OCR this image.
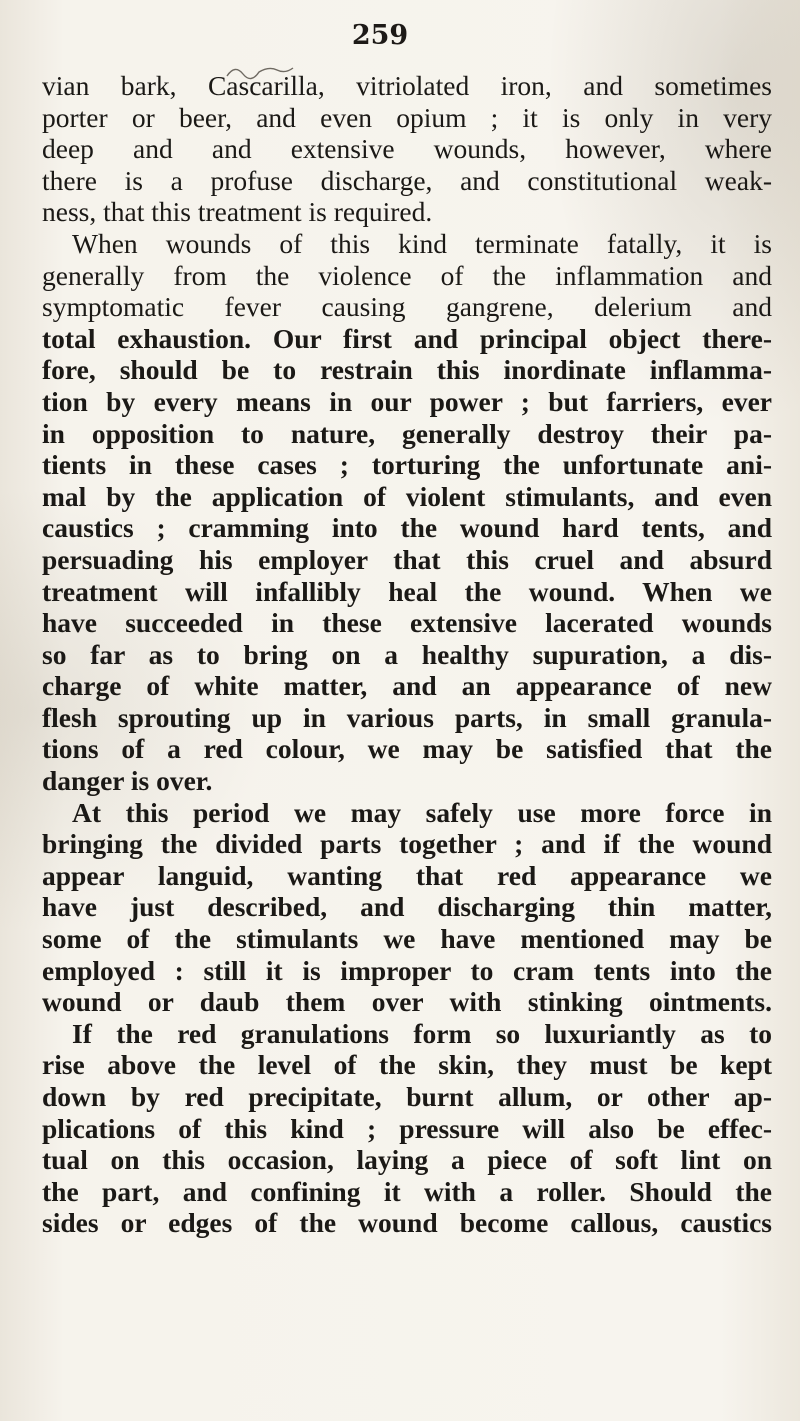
259
vian bark, Cascarilla, vitriolated iron, and sometimes
porter or beer, and even opium ; it is only in very
deep and and extensive wounds, however, where
there is a profuse discharge, and constitutional weak-
ness, that this treatment is required.
When wounds of this kind terminate fatally, it is
generally from the violence of the inflammation and
symptomatic fever causing gangrene, delerium and
total exhaustion. Our first and principal object there-
fore, should be to restrain this inordinate inflamma-
tion by every means in our power ; but farriers, ever
in opposition to nature, generally destroy their pa-
tients in these cases ; torturing the unfortunate ani-
mal by the application of violent stimulants, and even
caustics ; cramming into the wound hard tents, and
persuading his employer that this cruel and absurd
treatment will infallibly heal the wound. When we
have succeeded in these extensive lacerated wounds
so far as to bring on a healthy supuration, a dis-
charge of white matter, and an appearance of new
flesh sprouting up in various parts, in small granula-
tions of a red colour, we may be satisfied that the
danger is over.
At this period we may safely use more force in
bringing the divided parts together ; and if the wound
appear languid, wanting that red appearance we
have just described, and discharging thin matter,
some of the stimulants we have mentioned may be
employed : still it is improper to cram tents into the
wound or daub them over with stinking ointments.
If the red granulations form so luxuriantly as to
rise above the level of the skin, they must be kept
down by red precipitate, burnt allum, or other ap-
plications of this kind ; pressure will also be effec-
tual on this occasion, laying a piece of soft lint on
the part, and confining it with a roller. Should the
sides or edges of the wound become callous, caustics
